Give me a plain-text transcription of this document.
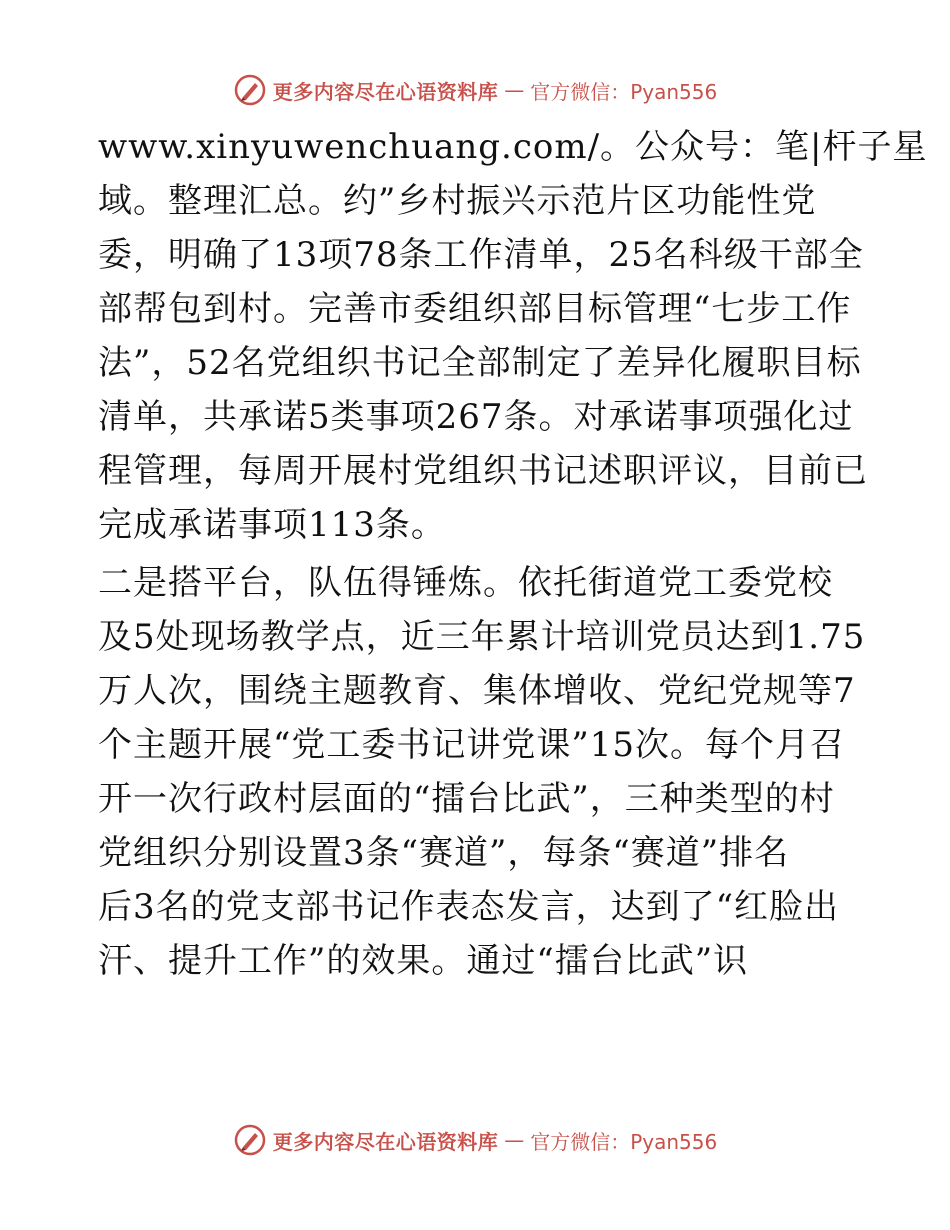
更多内容尽在心语资料库 — 官方微信：Pyan556
www.xinyuwenchuang.com/。公众号：笔|杆子星
域。整理汇总。约”乡村振兴示范片区功能性党
委，明确了13项78条工作清单，25名科级干部全
部帮包到村。完善市委组织部目标管理“七步工作
法”，52名党组织书记全部制定了差异化履职目标
清单，共承诺5类事项267条。对承诺事项强化过
程管理，每周开展村党组织书记述职评议，目前已
完成承诺事项113条。
二是搭平台，队伍得锤炼。依托街道党工委党校
及5处现场教学点，近三年累计培训党员达到1.75
万人次，围绕主题教育、集体增收、党纪党规等7
个主题开展“党工委书记讲党课”15次。每个月召
开一次行政村层面的“擂台比武”，三种类型的村
党组织分别设置3条“赛道”，每条“赛道”排名
后3名的党支部书记作表态发言，达到了“红脸出
汗、提升工作”的效果。通过“擂台比武”识
更多内容尽在心语资料库 — 官方微信：Pyan556
